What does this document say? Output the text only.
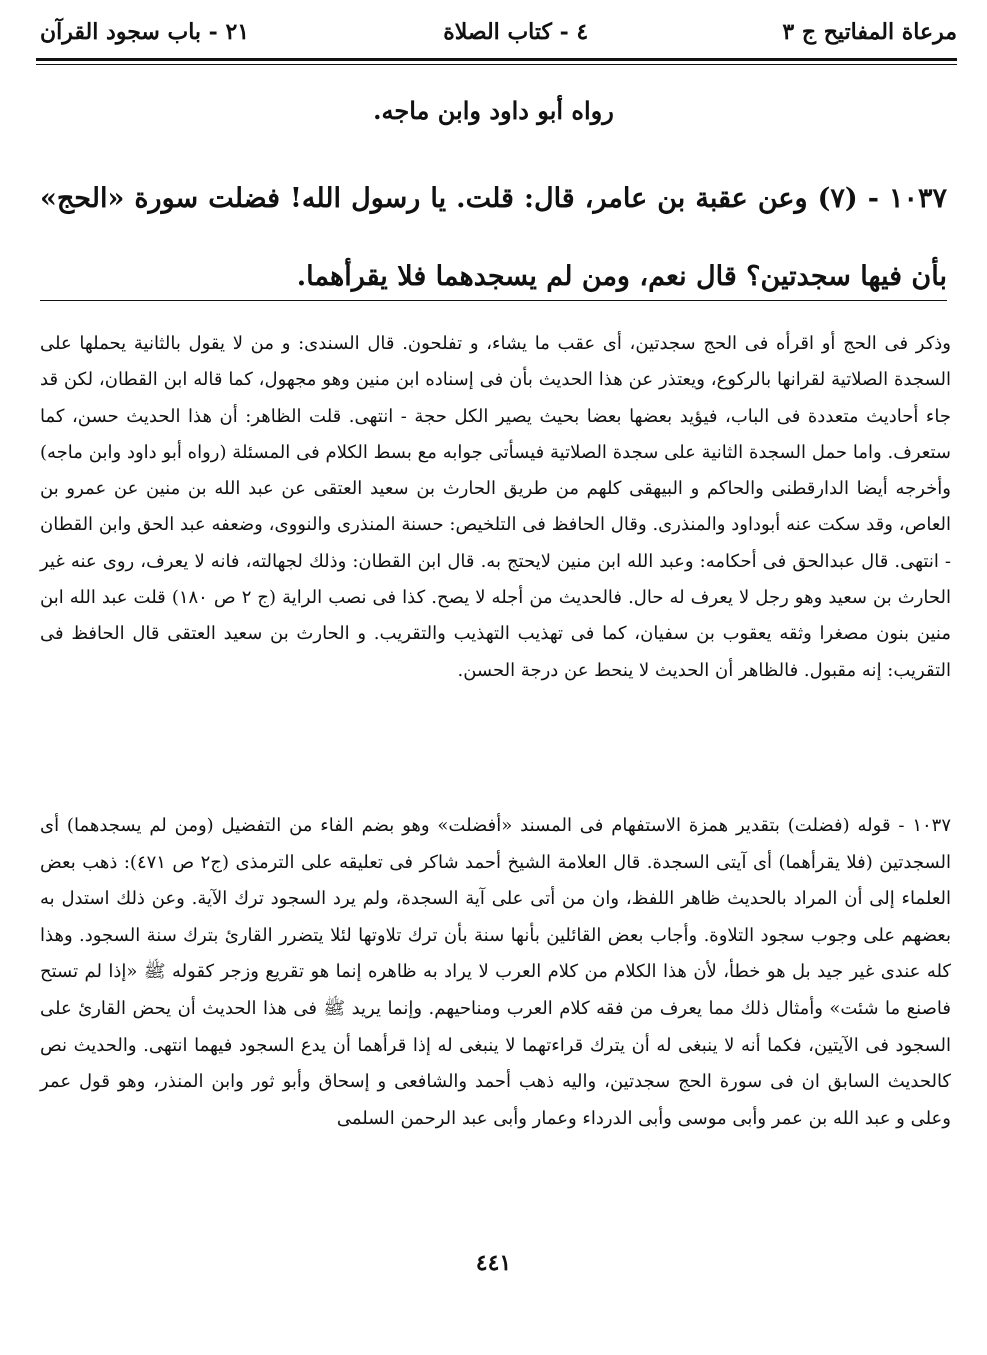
مرعاة المفاتيح ج ٣
٤ - كتاب الصلاة
٢١ - باب سجود القرآن
رواه أبو داود وابن ماجه.
١٠٣٧ - (٧) وعن عقبة بن عامر، قال: قلت. يا رسول الله! فضلت سورة «الحج» بأن فيها سجدتين؟ قال نعم، ومن لم يسجدهما فلا يقرأهما.

وذكر فى الحج أو اقرأه فى الحج سجدتين، أى عقب ما يشاء، و تفلحون. قال السندى: و من لا يقول بالثانية يحملها على السجدة الصلاتية لقرانها بالركوع، ويعتذر عن هذا الحديث بأن فى إسناده ابن منين وهو مجهول، كما قاله ابن القطان، لكن قد جاء أحاديث متعددة فى الباب، فيؤيد بعضها بعضا بحيث يصير الكل حجة - انتهى. قلت الظاهر: أن هذا الحديث حسن، كما ستعرف. واما حمل السجدة الثانية على سجدة الصلاتية فيسأتى جوابه مع بسط الكلام فى المسئلة (رواه أبو داود وابن ماجه) وأخرجه أيضا الدارقطنى والحاكم و البيهقى كلهم من طريق الحارث بن سعيد العتقى عن عبد الله بن منين عن عمرو بن العاص، وقد سكت عنه أبوداود والمنذرى. وقال الحافظ فى التلخيص: حسنة المنذرى والنووى، وضعفه عبد الحق وابن القطان - انتهى. قال عبدالحق فى أحكامه: وعبد الله ابن منين لايحتج به. قال ابن القطان: وذلك لجهالته، فانه لا يعرف، روى عنه غير الحارث بن سعيد وهو رجل لا يعرف له حال. فالحديث من أجله لا يصح. كذا فى نصب الراية (ج ٢ ص ١٨٠) قلت عبد الله ابن منين بنون مصغرا وثقه يعقوب بن سفيان، كما فى تهذيب التهذيب والتقريب. و الحارث بن سعيد العتقى قال الحافظ فى التقريب: إنه مقبول. فالظاهر أن الحديث لا ينحط عن درجة الحسن.

١٠٣٧ - قوله (فضلت) بتقدير همزة الاستفهام فى المسند «أفضلت» وهو بضم الفاء من التفضيل (ومن لم يسجدهما) أى السجدتين (فلا يقرأهما) أى آيتى السجدة. قال العلامة الشيخ أحمد شاكر فى تعليقه على الترمذى (ج٢ ص ٤٧١): ذهب بعض العلماء إلى أن المراد بالحديث ظاهر اللفظ، وان من أتى على آية السجدة، ولم يرد السجود ترك الآية. وعن ذلك استدل به بعضهم على وجوب سجود التلاوة. وأجاب بعض القائلين بأنها سنة بأن ترك تلاوتها لئلا يتضرر القارئ بترك سنة السجود. وهذا كله عندى غير جيد بل هو خطأ، لأن هذا الكلام من كلام العرب لا يراد به ظاهره إنما هو تقريع وزجر كقوله ﷺ «إذا لم تستح فاصنع ما شئت» وأمثال ذلك مما يعرف من فقه كلام العرب ومناحيهم. وإنما يريد ﷺ فى هذا الحديث أن يحض القارئ على السجود فى الآيتين، فكما أنه لا ينبغى له أن يترك قراءتهما لا ينبغى له إذا قرأهما أن يدع السجود فيهما انتهى. والحديث نص كالحديث السابق ان فى سورة الحج سجدتين، واليه ذهب أحمد والشافعى و إسحاق وأبو ثور وابن المنذر، وهو قول عمر وعلى و عبد الله بن عمر وأبى موسى وأبى الدرداء وعمار وأبى عبد الرحمن السلمى

٤٤١
